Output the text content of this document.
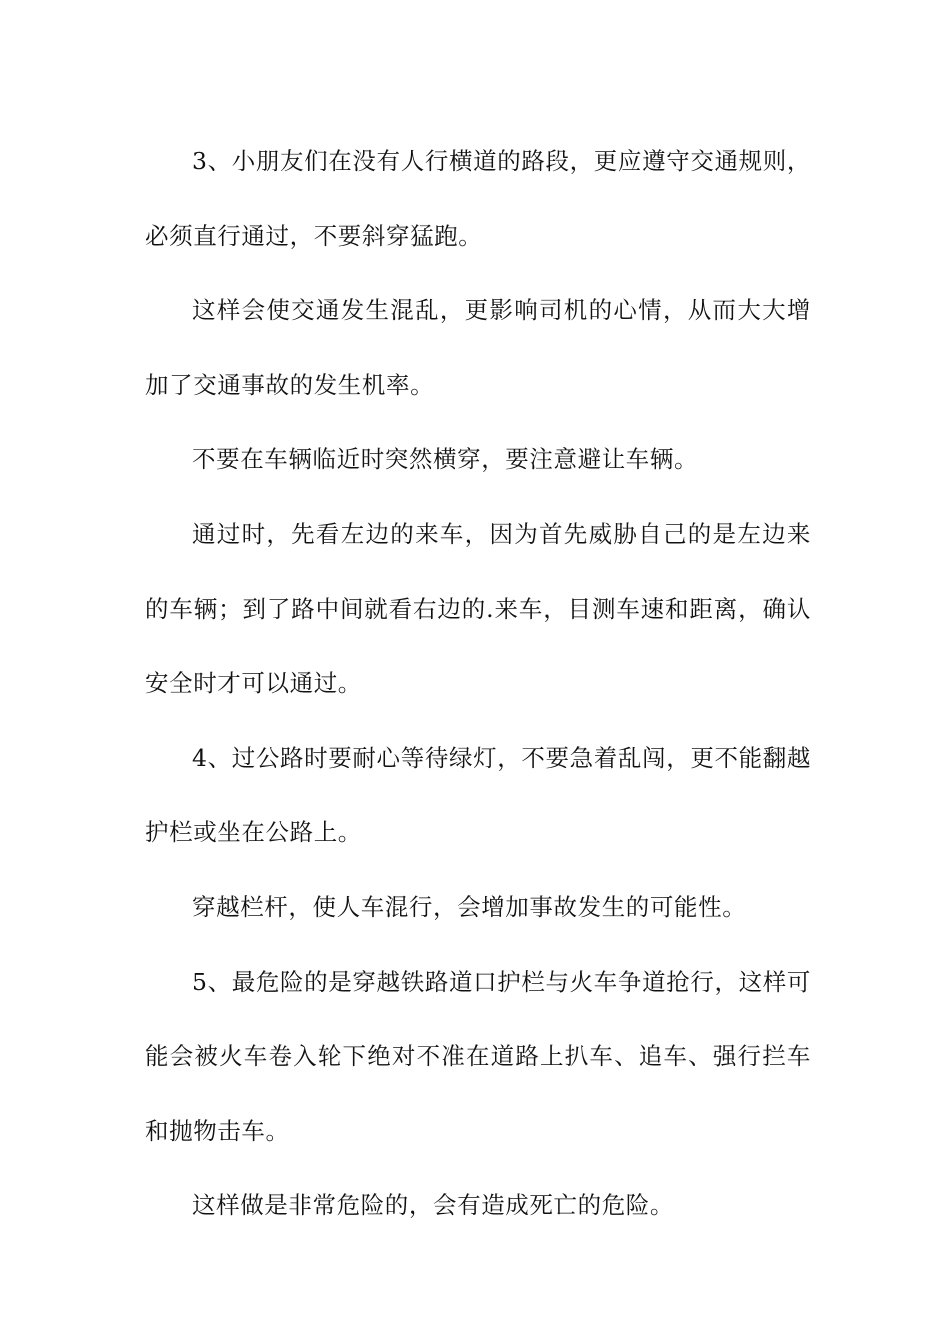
3、小朋友们在没有人行横道的路段，更应遵守交通规则，必须直行通过，不要斜穿猛跑。

这样会使交通发生混乱，更影响司机的心情，从而大大增加了交通事故的发生机率。

不要在车辆临近时突然横穿，要注意避让车辆。

通过时，先看左边的来车，因为首先威胁自己的是左边来的车辆；到了路中间就看右边的.来车，目测车速和距离，确认安全时才可以通过。

4、过公路时要耐心等待绿灯，不要急着乱闯，更不能翻越护栏或坐在公路上。

穿越栏杆，使人车混行，会增加事故发生的可能性。

5、最危险的是穿越铁路道口护栏与火车争道抢行，这样可能会被火车卷入轮下绝对不准在道路上扒车、追车、强行拦车和抛物击车。

这样做是非常危险的，会有造成死亡的危险。
